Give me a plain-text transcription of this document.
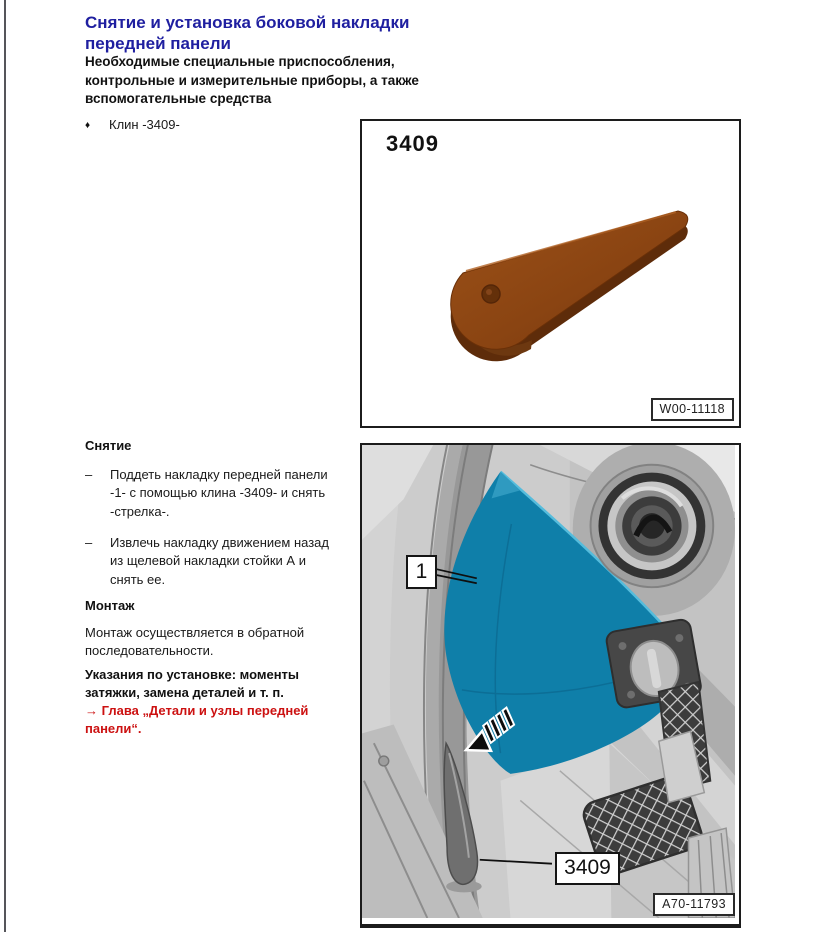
Снятие и установка боковой накладки передней панели
Необходимые специальные приспособления, контрольные и измерительные приборы, а также вспомогательные средства
♦ Клин -3409-
3409
W00-11118
Снятие
–	Поддеть накладку передней панели -1- с помощью клина -3409- и снять -стрелка-.
–	Извлечь накладку движением назад из щелевой накладки стойки А и снять ее.
Монтаж
Монтаж осуществляется в обратной последовательности.
Указания по установке: моменты затяжки, замена деталей и т. п.
→ Глава „Детали и узлы передней панели“.
1
3409
A70-11793
